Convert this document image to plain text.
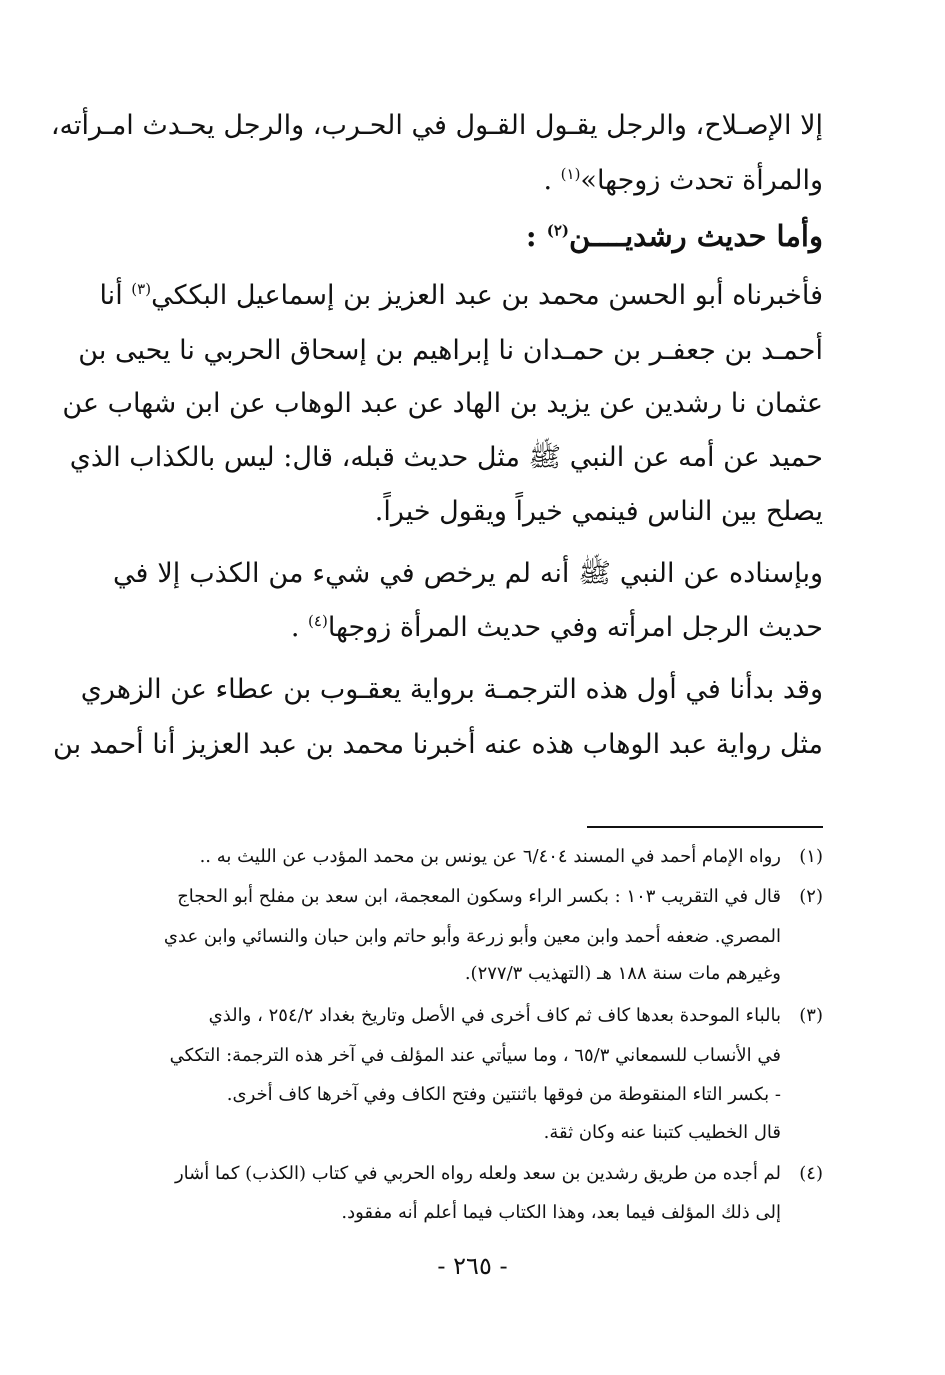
إلا الإصـلاح، والرجل يقـول القـول في الحـرب، والرجل يحـدث امـرأته،
والمرأة تحدث زوجها»$^{(١)}$ .
وأما حديث رشديــــن$^{(٢)}$ :
فأخبرناه أبو الحسن محمد بن عبد العزيز بن إسماعيل البككي$^{(٣)}$ أنا
أحمـد بن جعفـر بن حمـدان نا إبراهيم بن إسحاق الحربي نا يحيى بن
عثمان نا رشدين عن يزيد بن الهاد عن عبد الوهاب عن ابن شهاب عن
حميد عن أمه عن النبي ﷺ مثل حديث قبله، قال: ليس بالكذاب الذي
يصلح بين الناس فينمي خيراً ويقول خيراً.
وبإسناده عن النبي ﷺ أنه لم يرخص في شيء من الكذب إلا في
حديث الرجل امرأته وفي حديث المرأة زوجها$^{(٤)}$ .
وقد بدأنا في أول هذه الترجمـة برواية يعقـوب بن عطاء عن الزهري
مثل رواية عبد الوهاب هذه عنه أخبرنا محمد بن عبد العزيز أنا أحمد بن
(١)رواه الإمام أحمد في المسند ٦/٤٠٤ عن يونس بن محمد المؤدب عن الليث به ..
(٢)قال في التقريب ١٠٣ : بكسر الراء وسكون المعجمة، ابن سعد بن مفلح أبو الحجاج
المصري. ضعفه أحمد وابن معين وأبو زرعة وأبو حاتم وابن حبان والنسائي وابن عدي
وغيرهم مات سنة ١٨٨ هـ (التهذيب ٢٧٧/٣).
(٣)بالباء الموحدة بعدها كاف ثم كاف أخرى في الأصل وتاريخ بغداد ٢٥٤/٢ ، والذي
في الأنساب للسمعاني ٦٥/٣ ، وما سيأتي عند المؤلف في آخر هذه الترجمة: التككي
- بكسر التاء المنقوطة من فوقها باثنتين وفتح الكاف وفي آخرها كاف أخرى.
قال الخطيب كتبنا عنه وكان ثقة.
(٤)لم أجده من طريق رشدين بن سعد ولعله رواه الحربي في كتاب (الكذب) كما أشار
إلى ذلك المؤلف فيما بعد، وهذا الكتاب فيما أعلم أنه مفقود.
- ٢٦٥ -
